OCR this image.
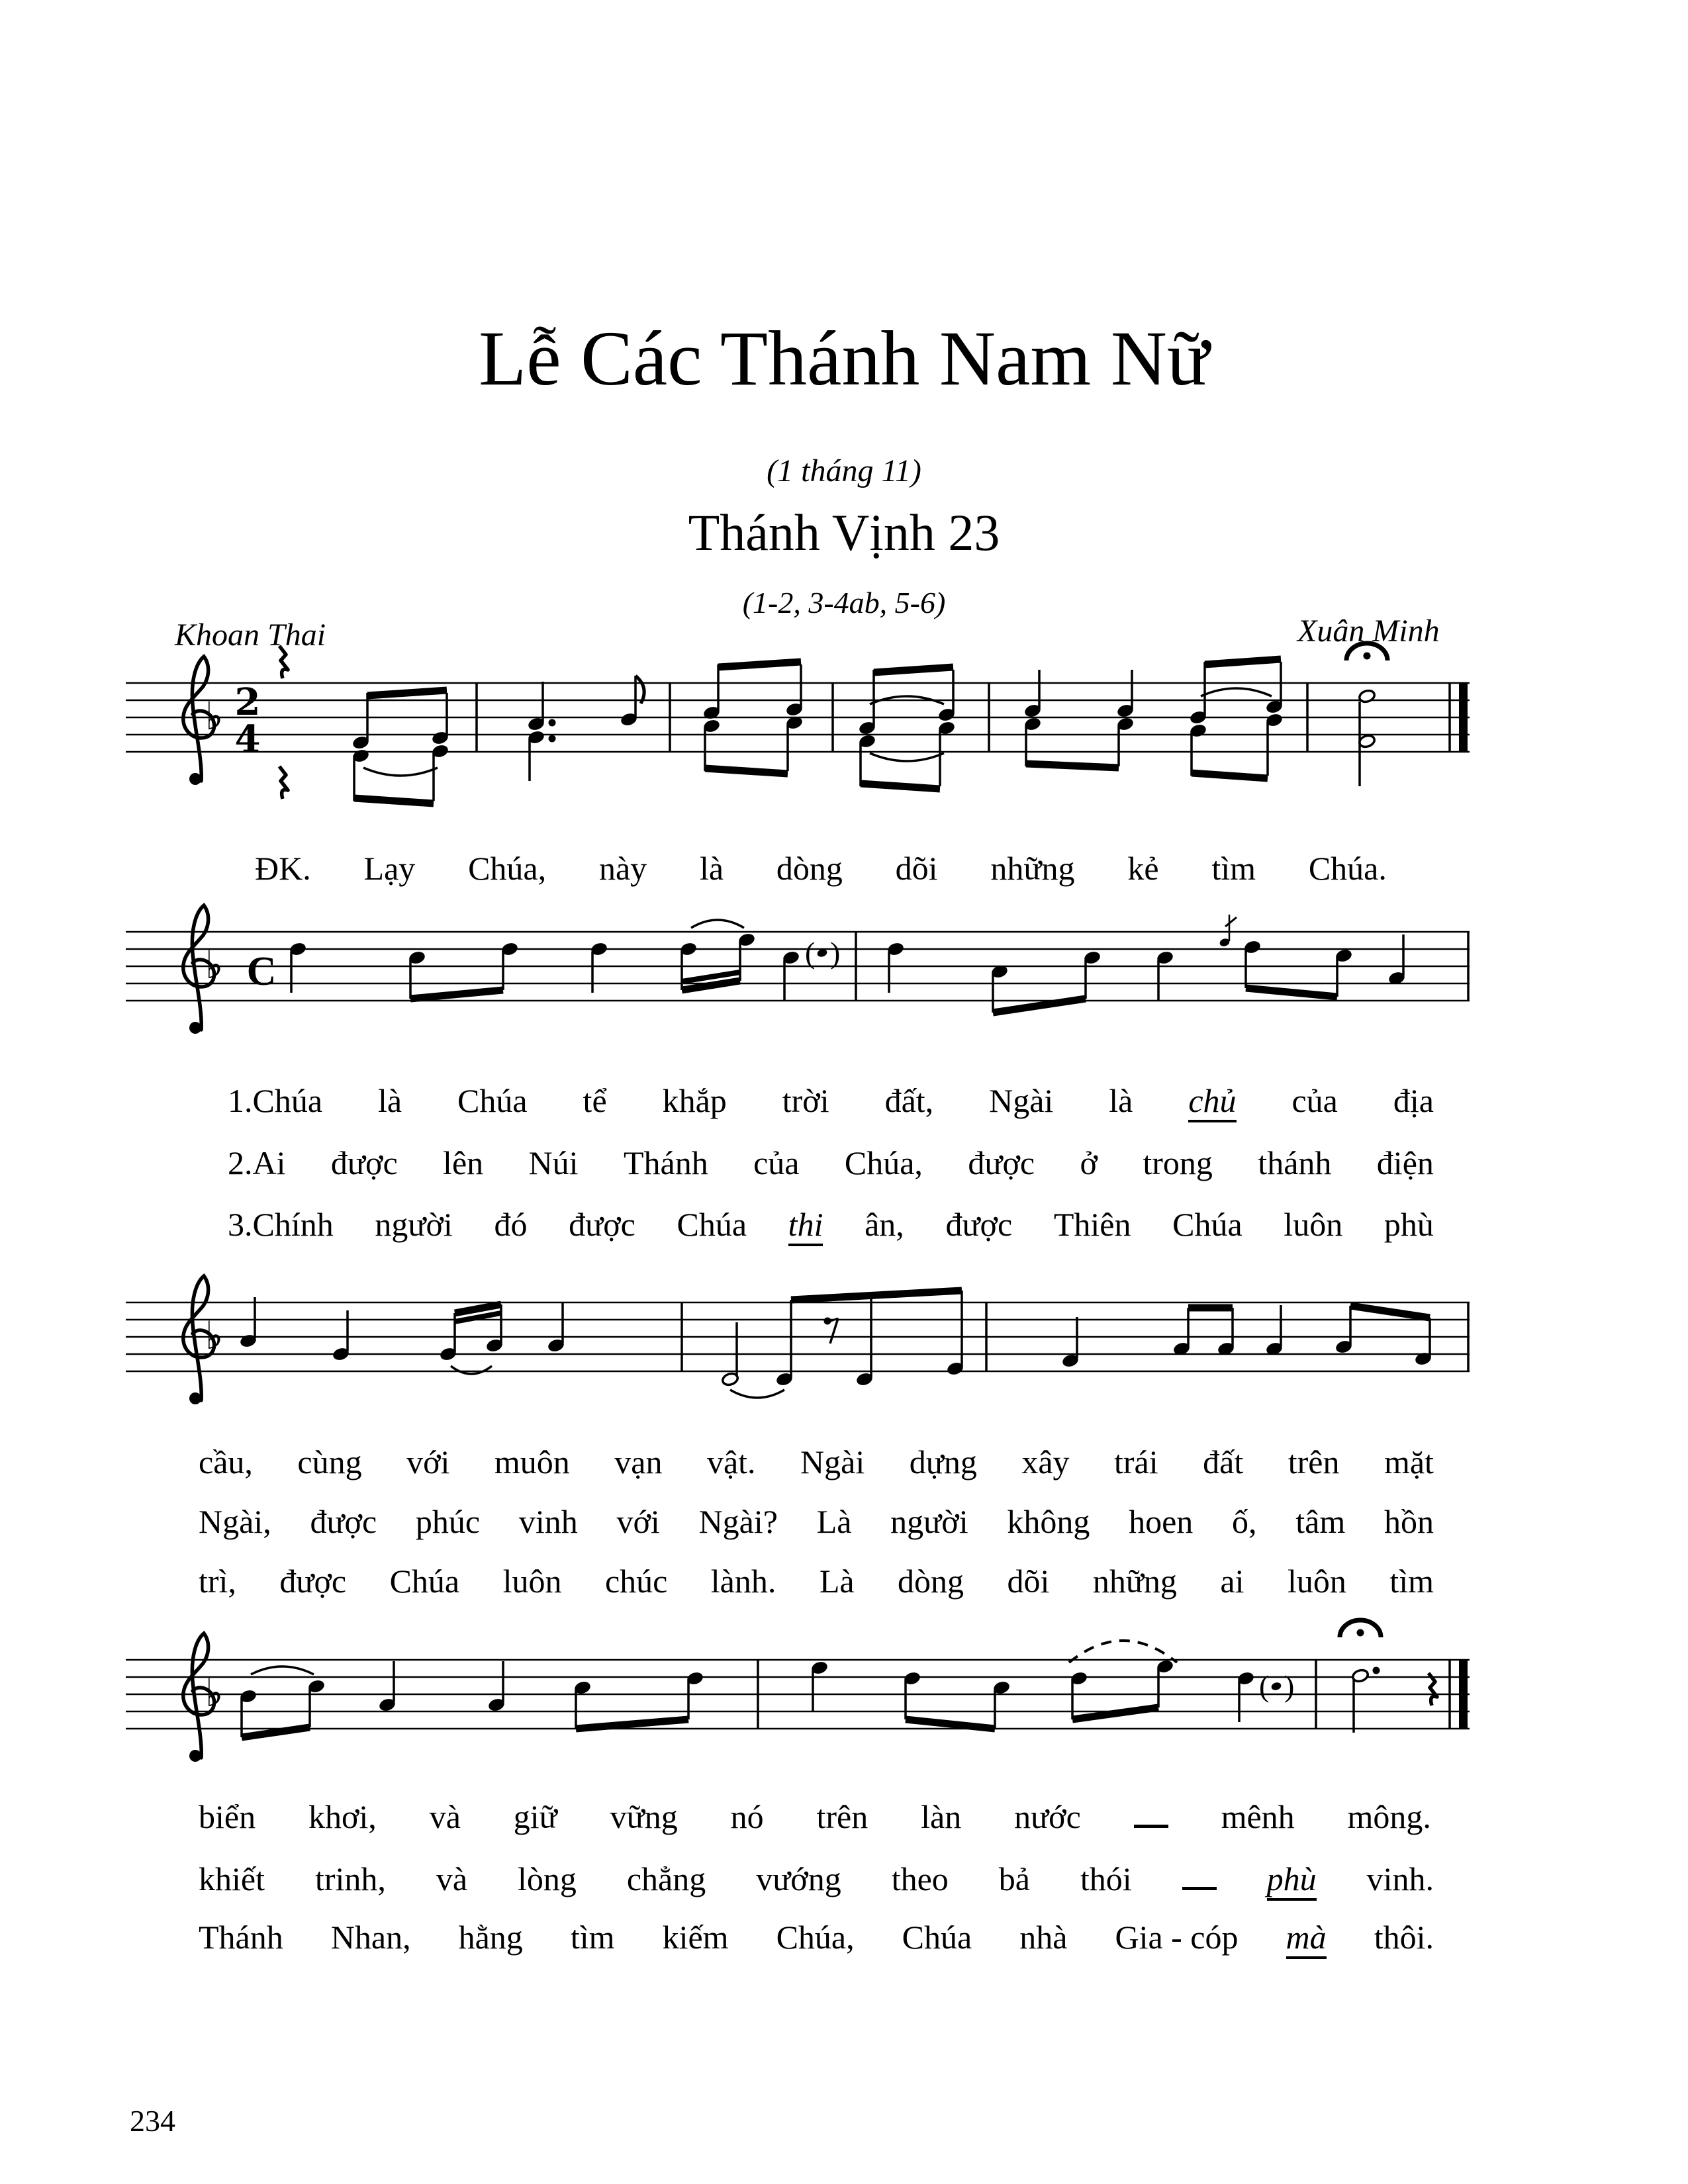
Lễ Các Thánh Nam Nữ
(1 tháng 11)
Thánh Vịnh 23
(1-2, 3-4ab, 5-6)
Khoan Thai	Xuân Minh
♭ 2
4
♭ C	( )
♭
♭	( )
ĐK. Lạy Chúa, này là dòng dõi những kẻ tìm Chúa.
1.Chúa là Chúa tể khắp trời đất, Ngài là chủ của địa
2.Ai được lên Núi Thánh của Chúa, được ở trong thánh điện
3.Chính người đó được Chúa thi ân, được Thiên Chúa luôn phù
cầu, cùng với muôn vạn vật. Ngài dựng xây trái đất trên mặt
Ngài, được phúc vinh với Ngài? Là người không hoen ố, tâm hồn
trì, được Chúa luôn chúc lành. Là dòng dõi những ai luôn tìm
biển khơi, và giữ vững nó trên làn nước	mênh mông.
khiết trinh, và lòng chẳng vướng theo bả thói	phù vinh.
Thánh Nhan, hằng tìm kiếm Chúa, Chúa nhà Gia - cóp mà thôi.
234
